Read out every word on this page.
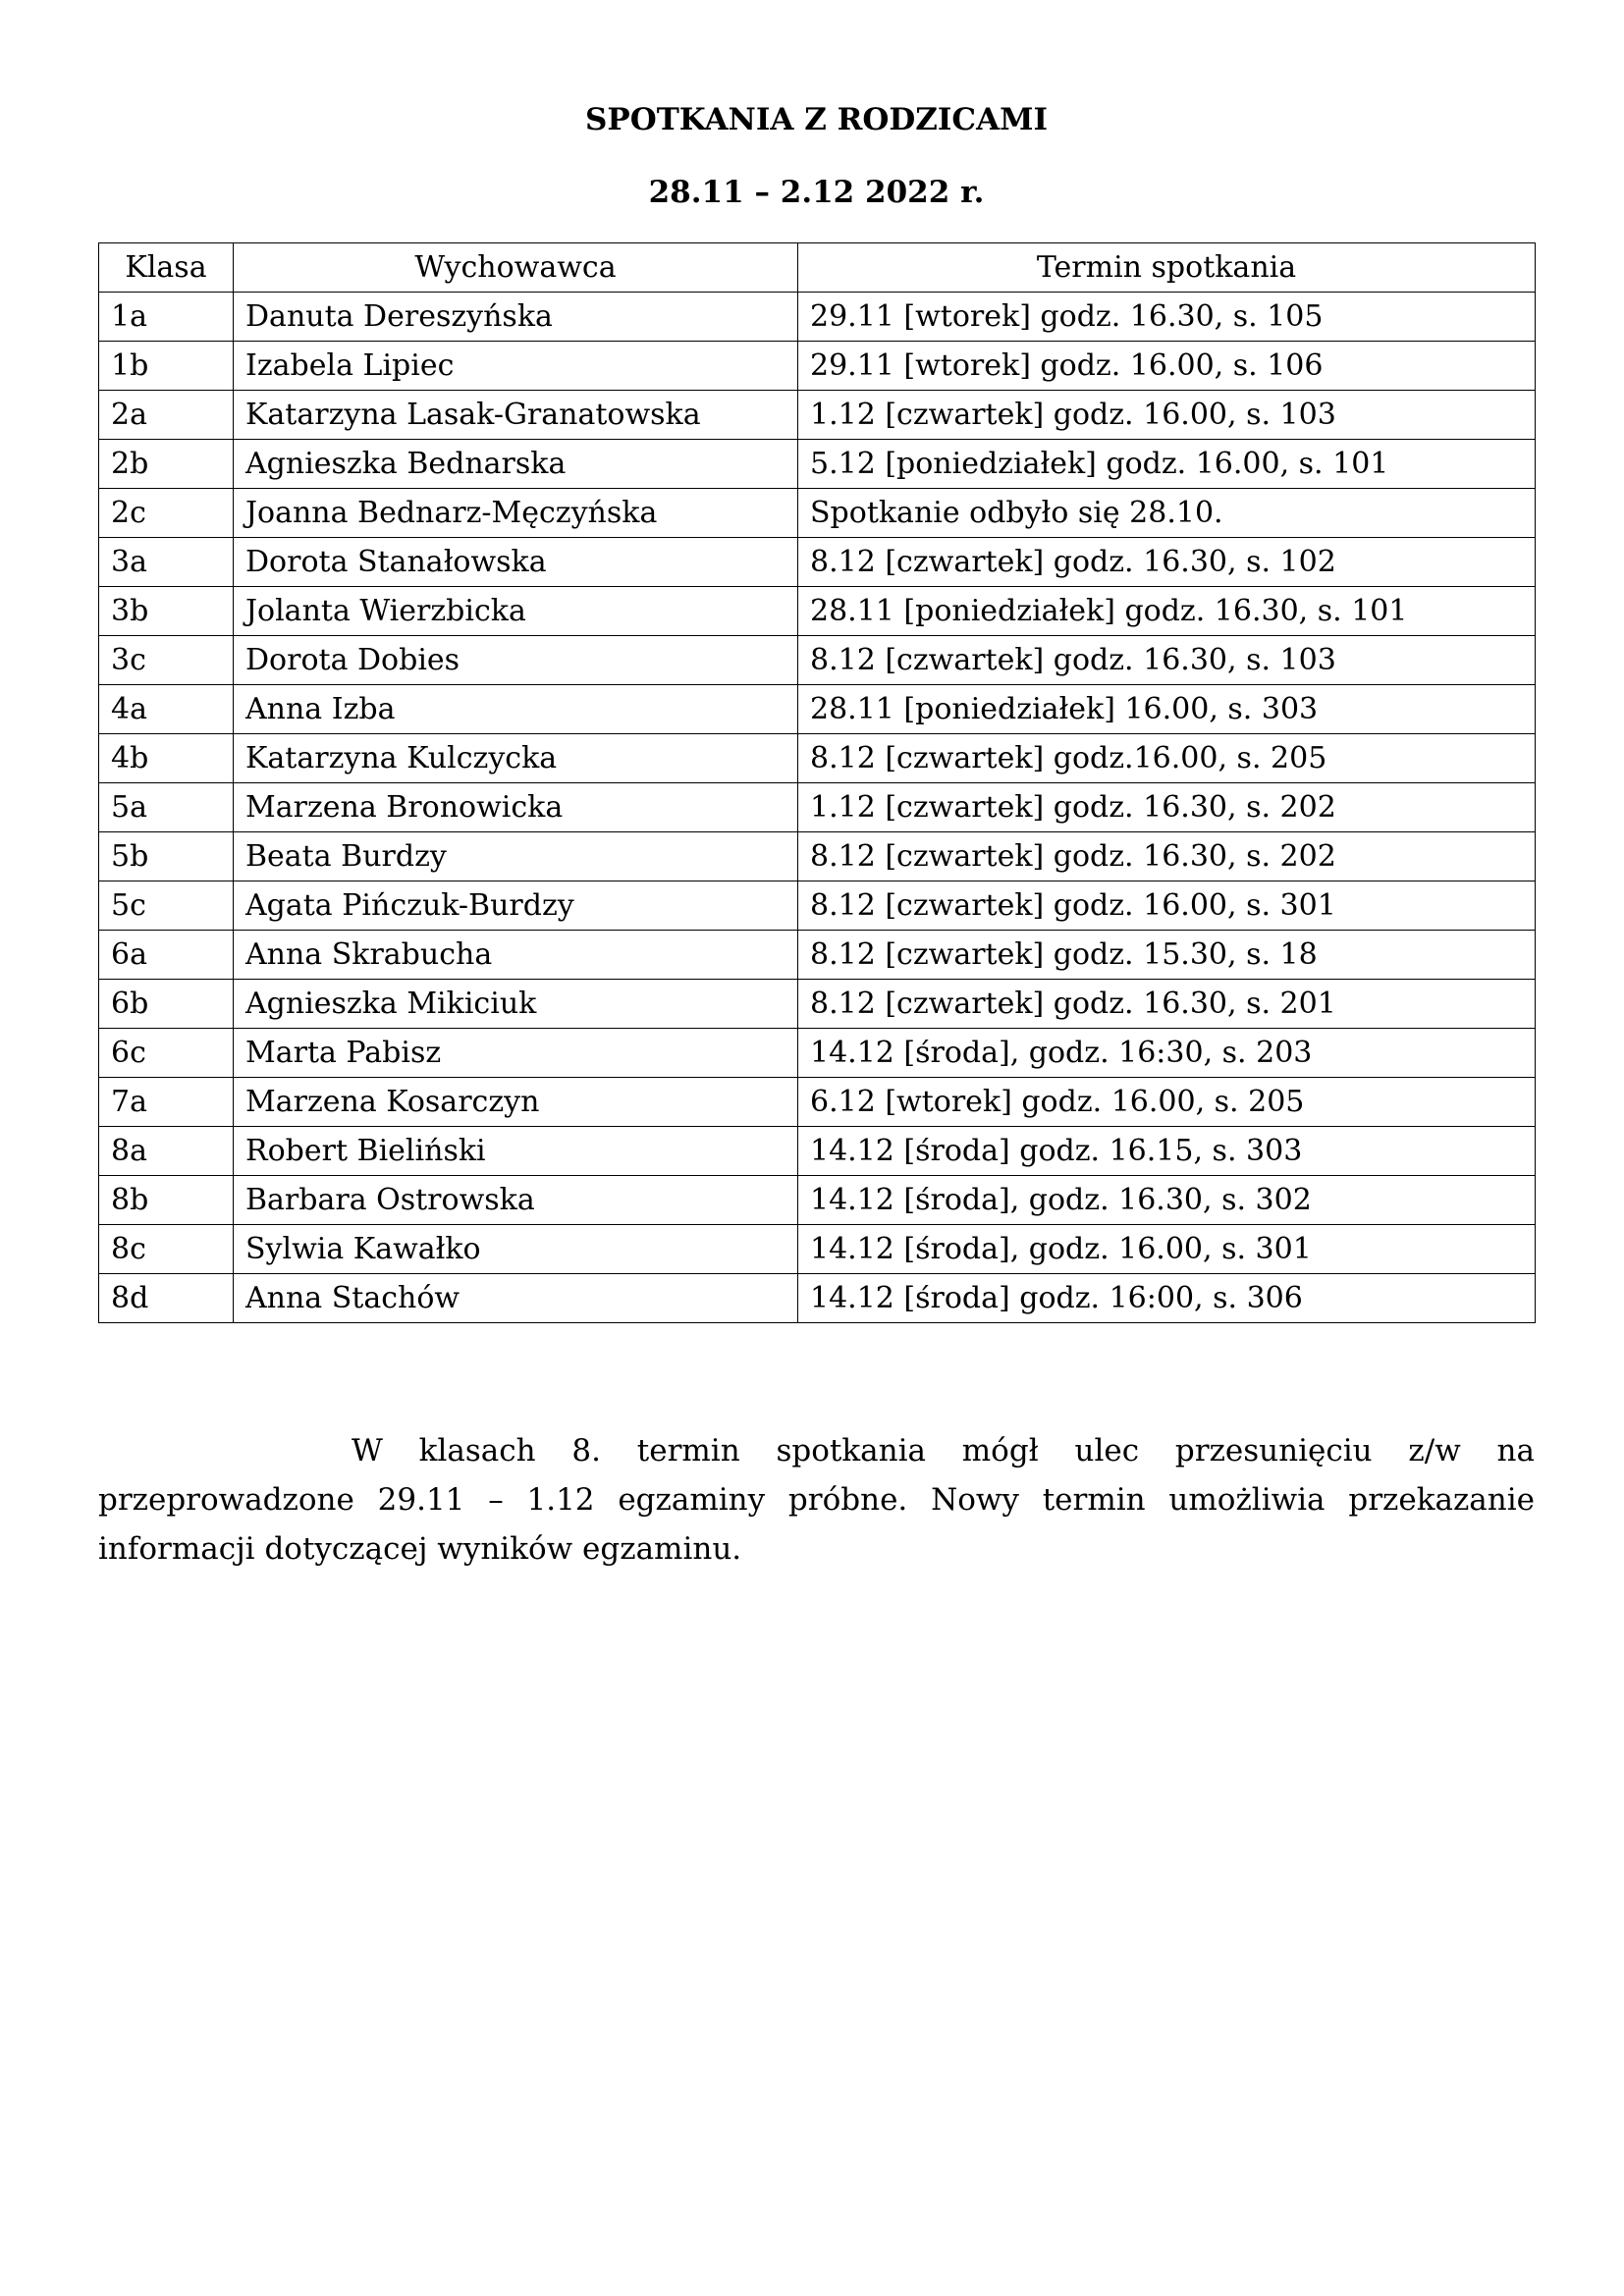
SPOTKANIA Z RODZICAMI
28.11 – 2.12 2022 r.
Klasa	Wychowawca	Termin spotkania
1a	Danuta Dereszyńska	29.11 [wtorek] godz. 16.30, s. 105
1b	Izabela Lipiec	29.11 [wtorek] godz. 16.00, s. 106
2a	Katarzyna Lasak-Granatowska	1.12 [czwartek] godz. 16.00, s. 103
2b	Agnieszka Bednarska	5.12 [poniedziałek] godz. 16.00, s. 101
2c	Joanna Bednarz-Męczyńska	Spotkanie odbyło się 28.10.
3a	Dorota Stanałowska	8.12 [czwartek] godz. 16.30, s. 102
3b	Jolanta Wierzbicka	28.11 [poniedziałek] godz. 16.30, s. 101
3c	Dorota Dobies	8.12 [czwartek] godz. 16.30, s. 103
4a	Anna Izba	28.11 [poniedziałek] 16.00, s. 303
4b	Katarzyna Kulczycka	8.12 [czwartek] godz.16.00, s. 205
5a	Marzena Bronowicka	1.12 [czwartek] godz. 16.30, s. 202
5b	Beata Burdzy	8.12 [czwartek] godz. 16.30, s. 202
5c	Agata Pińczuk-Burdzy	8.12 [czwartek] godz. 16.00, s. 301
6a	Anna Skrabucha	8.12 [czwartek] godz. 15.30, s. 18
6b	Agnieszka Mikiciuk	8.12 [czwartek] godz. 16.30, s. 201
6c	Marta Pabisz	14.12 [środa], godz. 16:30, s. 203
7a	Marzena Kosarczyn	6.12 [wtorek] godz. 16.00, s. 205
8a	Robert Bieliński	14.12 [środa] godz. 16.15, s. 303
8b	Barbara Ostrowska	14.12 [środa], godz. 16.30, s. 302
8c	Sylwia Kawałko	14.12 [środa], godz. 16.00, s. 301
8d	Anna Stachów	14.12 [środa] godz. 16:00, s. 306

W klasach 8. termin spotkania mógł ulec przesunięciu z/w na przeprowadzone 29.11 – 1.12 egzaminy próbne. Nowy termin umożliwia przekazanie informacji dotyczącej wyników egzaminu.
